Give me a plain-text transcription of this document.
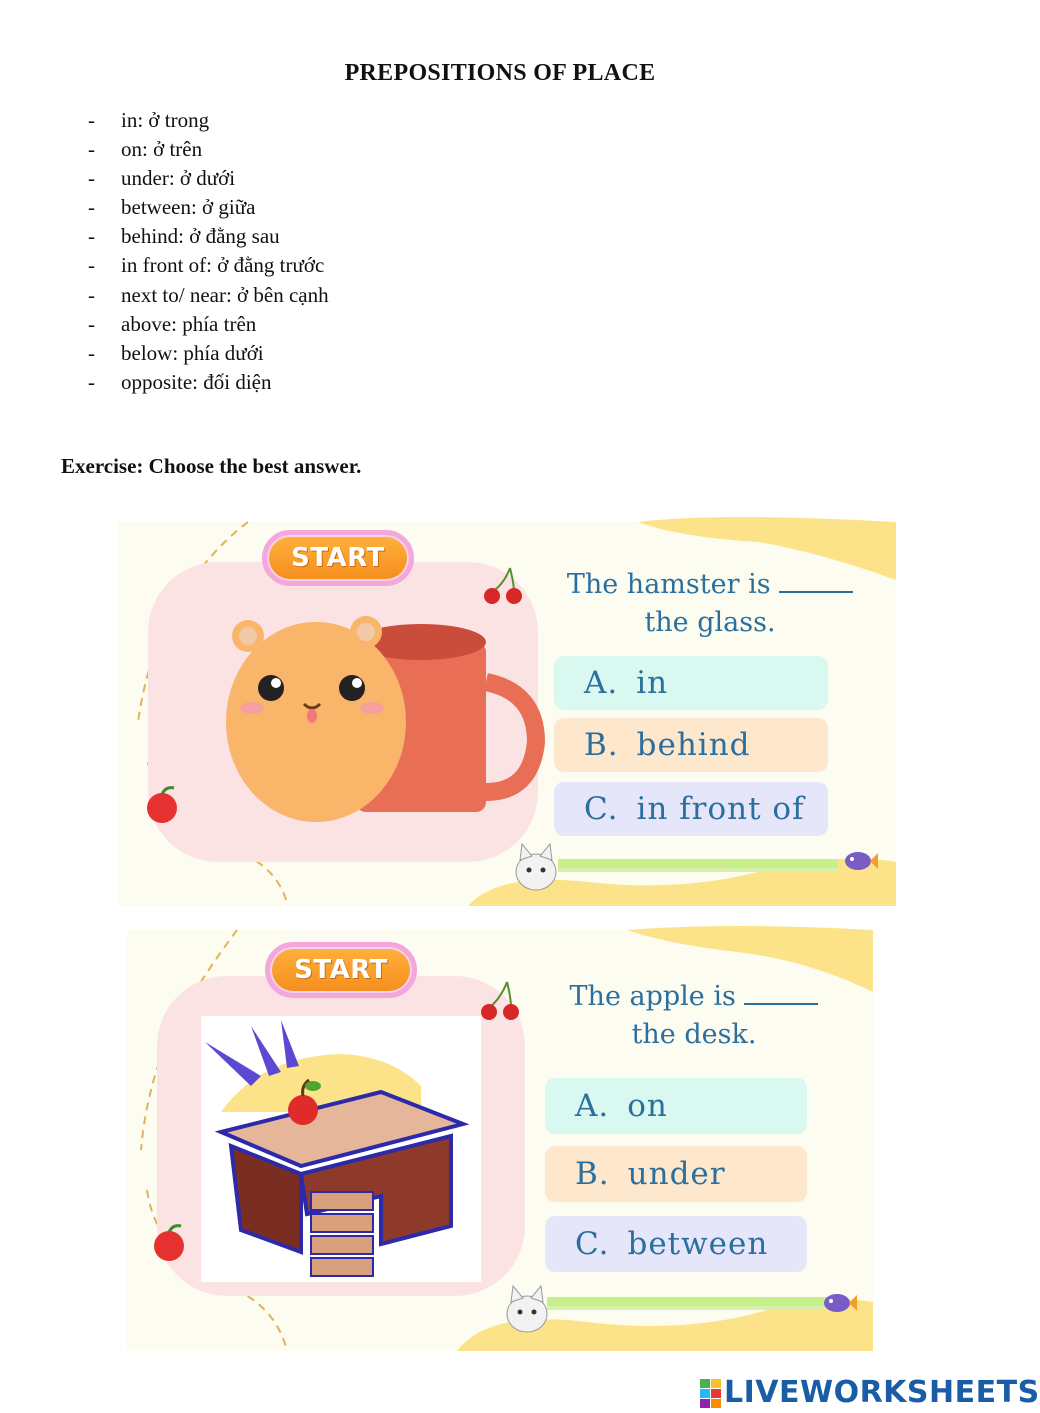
PREPOSITIONS OF PLACE
- in: ở trong
- on: ở trên
- under: ở dưới
- between: ở giữa
- behind: ở đằng sau
- in front of: ở đằng trước
- next to/ near: ở bên cạnh
- above: phía trên
- below: phía dưới
- opposite: đối diện
Exercise: Choose the best answer.
START
The hamster is
the glass.
A. in
B. behind
C. in front of
START
The apple is
the desk.
A. on
B. under
C. between
LIVEWORKSHEETS
